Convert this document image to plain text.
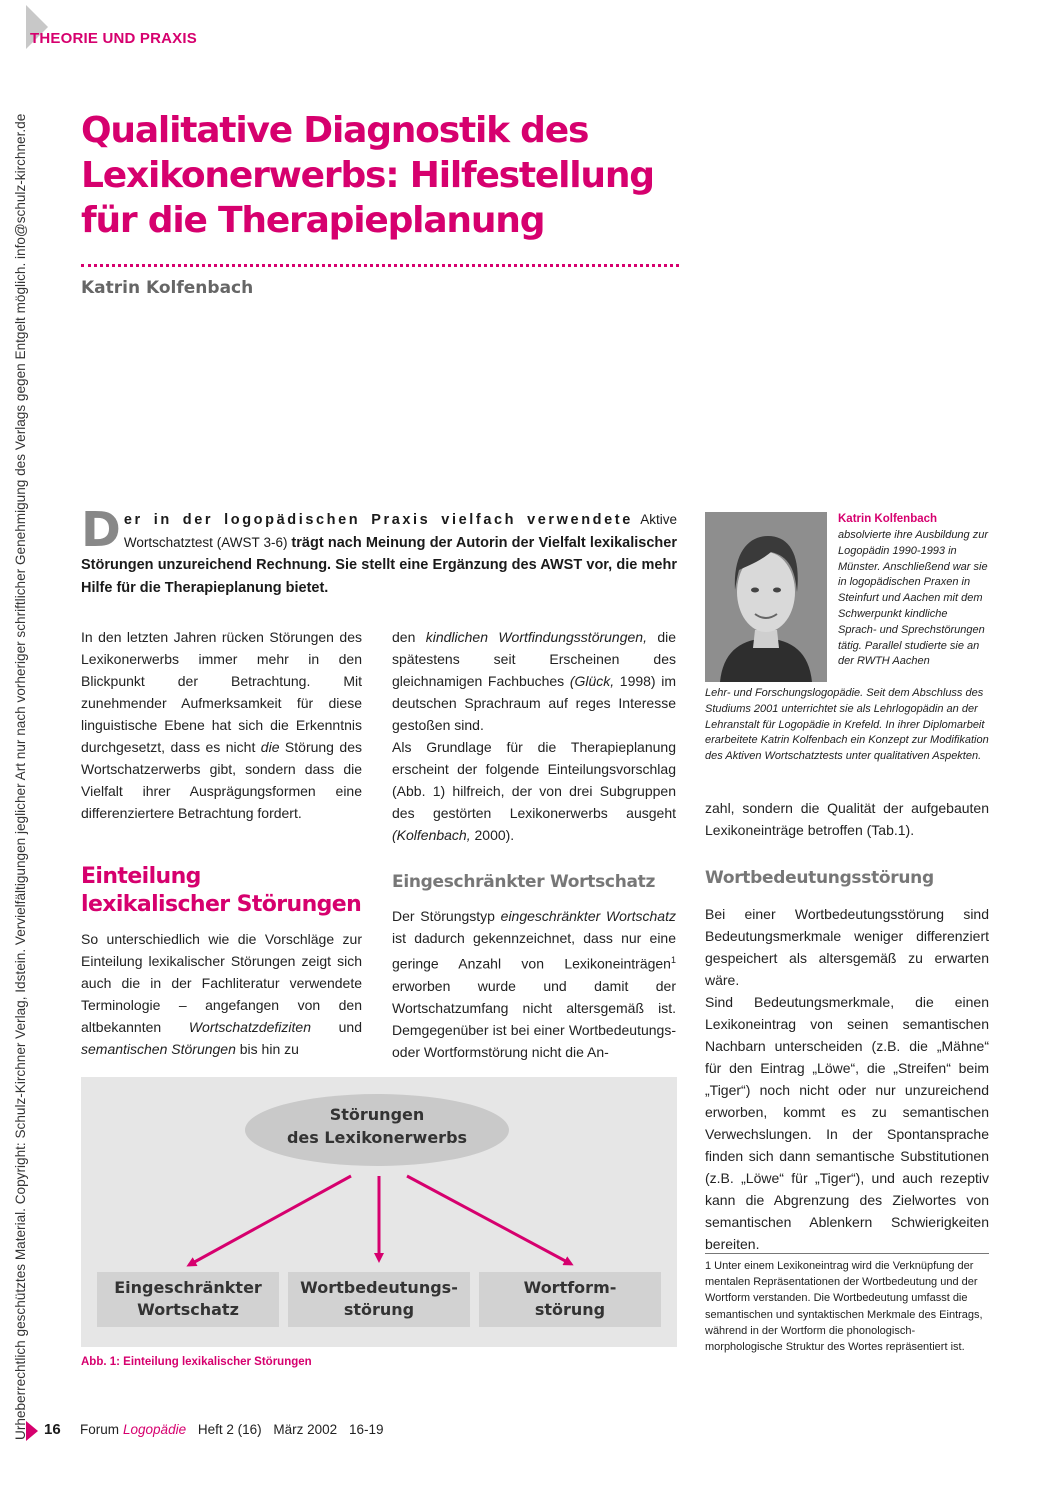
THEORIE UND PRAXIS
Urheberrechtlich geschütztes Material. Copyright: Schulz-Kirchner Verlag, Idstein. Vervielfältigungen jeglicher Art nur nach vorheriger schriftlicher Genehmigung des Verlags gegen Entgelt möglich. info@schulz-kirchner.de Qualitative Diagnostik des
Lexikonerwerbs: Hilfestellung
für die Therapieplanung
Katrin Kolfenbach
Der in der logopädischen Praxis vielfach verwendete Aktive Wortschatztest (AWST 3-6) trägt nach Meinung der Autorin der Vielfalt lexikalischer Störungen unzureichend Rechnung. Sie stellt eine Ergänzung des AWST vor, die mehr Hilfe für die Therapieplanung bietet.
In den letzten Jahren rücken Störungen des Lexikonerwerbs immer mehr in den Blickpunkt der Betrachtung. Mit zunehmender Aufmerksamkeit für diese linguistische Ebene hat sich die Erkenntnis durchgesetzt, dass es nicht die Störung des Wortschatzerwerbs gibt, sondern dass die Vielfalt ihrer Ausprägungsformen eine differenziertere Betrachtung fordert.

den kindlichen Wortfindungsstörungen, die spätestens seit Erscheinen des gleichnamigen Fachbuches (Glück, 1998) im deutschen Sprachraum auf reges Interesse gestoßen sind.

Als Grundlage für die Therapieplanung erscheint der folgende Einteilungsvorschlag (Abb. 1) hilfreich, der von drei Subgruppen des gestörten Lexikonerwerbs ausgeht (Kolfenbach, 2000).

Katrin Kolfenbach
absolvierte ihre Ausbildung zur Logopädin 1990-1993 in Münster. Anschließend war sie in logopädischen Praxen in Steinfurt und Aachen mit dem Schwerpunkt kindliche Sprach- und Sprechstörungen tätig. Parallel studierte sie an der RWTH Aachen
Lehr- und Forschungslogopädie. Seit dem Abschluss des Studiums 2001 unterrichtet sie als Lehrlogopädin an der Lehranstalt für Logopädie in Krefeld. In ihrer Diplomarbeit erarbeitete Katrin Kolfenbach ein Konzept zur Modifikation des Aktiven Wortschatztests unter qualitativen Aspekten.
zahl, sondern die Qualität der aufgebauten Lexikoneinträge betroffen (Tab.1).
Einteilung
lexikalischer Störungen
Eingeschränkter Wortschatz	Wortbedeutungsstörung
So unterschiedlich wie die Vorschläge zur Einteilung lexikalischer Störungen zeigt sich auch die in der Fachliteratur verwendete Terminologie – angefangen von den altbekannten Wortschatzdefiziten und semantischen Störungen bis hin zu
Der Störungstyp eingeschränkter Wortschatz ist dadurch gekennzeichnet, dass nur eine geringe Anzahl von Lexikoneinträgen$^1$ erworben wurde und damit der Wortschatzumfang nicht altersgemäß ist. Demgegenüber ist bei einer Wortbedeutungs- oder Wortformstörung nicht die An-

Bei einer Wortbedeutungsstörung sind Bedeutungsmerkmale weniger differenziert gespeichert als altersgemäß zu erwarten wäre.

Sind Bedeutungsmerkmale, die einen Lexikoneintrag von seinen semantischen Nachbarn unterscheiden (z.B. die „Mähne“ für den Eintrag „Löwe“, die „Streifen“ beim „Tiger“) noch nicht oder nur unzureichend erworben, kommt es zu semantischen Verwechslungen. In der Spontansprache finden sich dann semantische Substitutionen (z.B. „Löwe“ für „Tiger“), und auch rezeptiv kann die Abgrenzung des Zielwortes von semantischen Ablenkern Schwierigkeiten bereiten.

1 Unter einem Lexikoneintrag wird die Verknüpfung der mentalen Repräsentationen der Wortbedeutung und der Wortform verstanden. Die Wortbedeutung umfasst die semantischen und syntaktischen Merkmale des Eintrags, während in der Wortform die phonologisch-morphologische Struktur des Wortes repräsentiert ist.
Störungen
des Lexikonerwerbs
Eingeschränkter
Wortschatz
Wortbedeutungs-
störung
Wortform-
störung
Abb. 1: Einteilung lexikalischer Störungen
16 Forum Logopädie Heft 2 (16) März 2002 16-19
